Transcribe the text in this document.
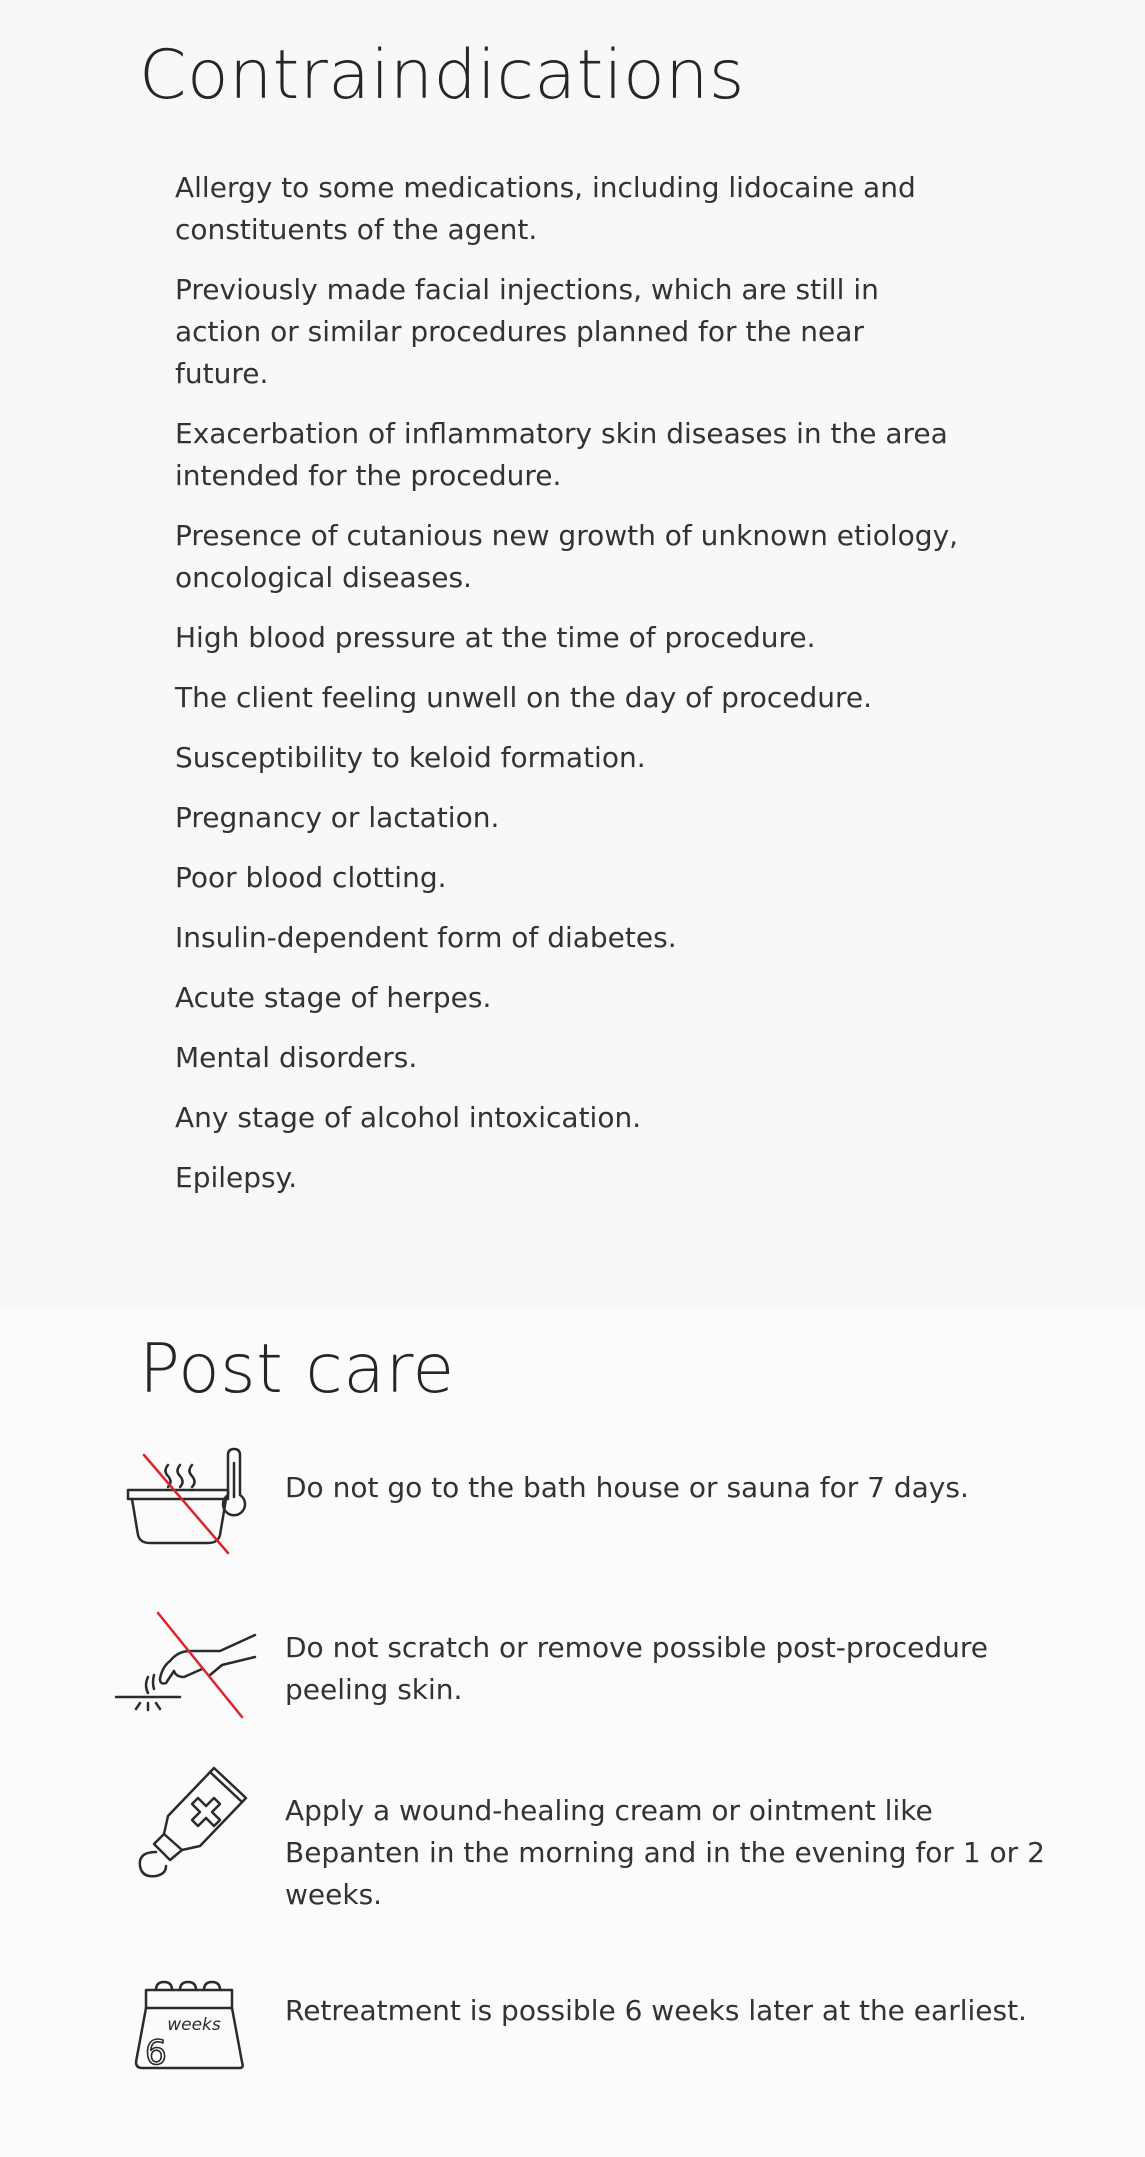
Contraindications
Allergy to some medications, including lidocaine and constituents of the agent.
Previously made facial injections, which are still in action or similar procedures planned for the near future.
Exacerbation of inflammatory skin diseases in the area intended for the procedure.
Presence of cutanious new growth of unknown etiology, oncological diseases.
High blood pressure at the time of procedure.
The client feeling unwell on the day of procedure.
Susceptibility to keloid formation.
Pregnancy or lactation.
Poor blood clotting.
Insulin-dependent form of diabetes.
Acute stage of herpes.
Mental disorders.
Any stage of alcohol intoxication.
Epilepsy.
Post care
Do not go to the bath house or sauna for 7 days.
Do not scratch or remove possible post-procedure peeling skin.
Apply a wound-healing cream or ointment like Bepanten in the morning and in the evening for 1 or 2 weeks.
weeks
6
Retreatment is possible 6 weeks later at the earliest.
